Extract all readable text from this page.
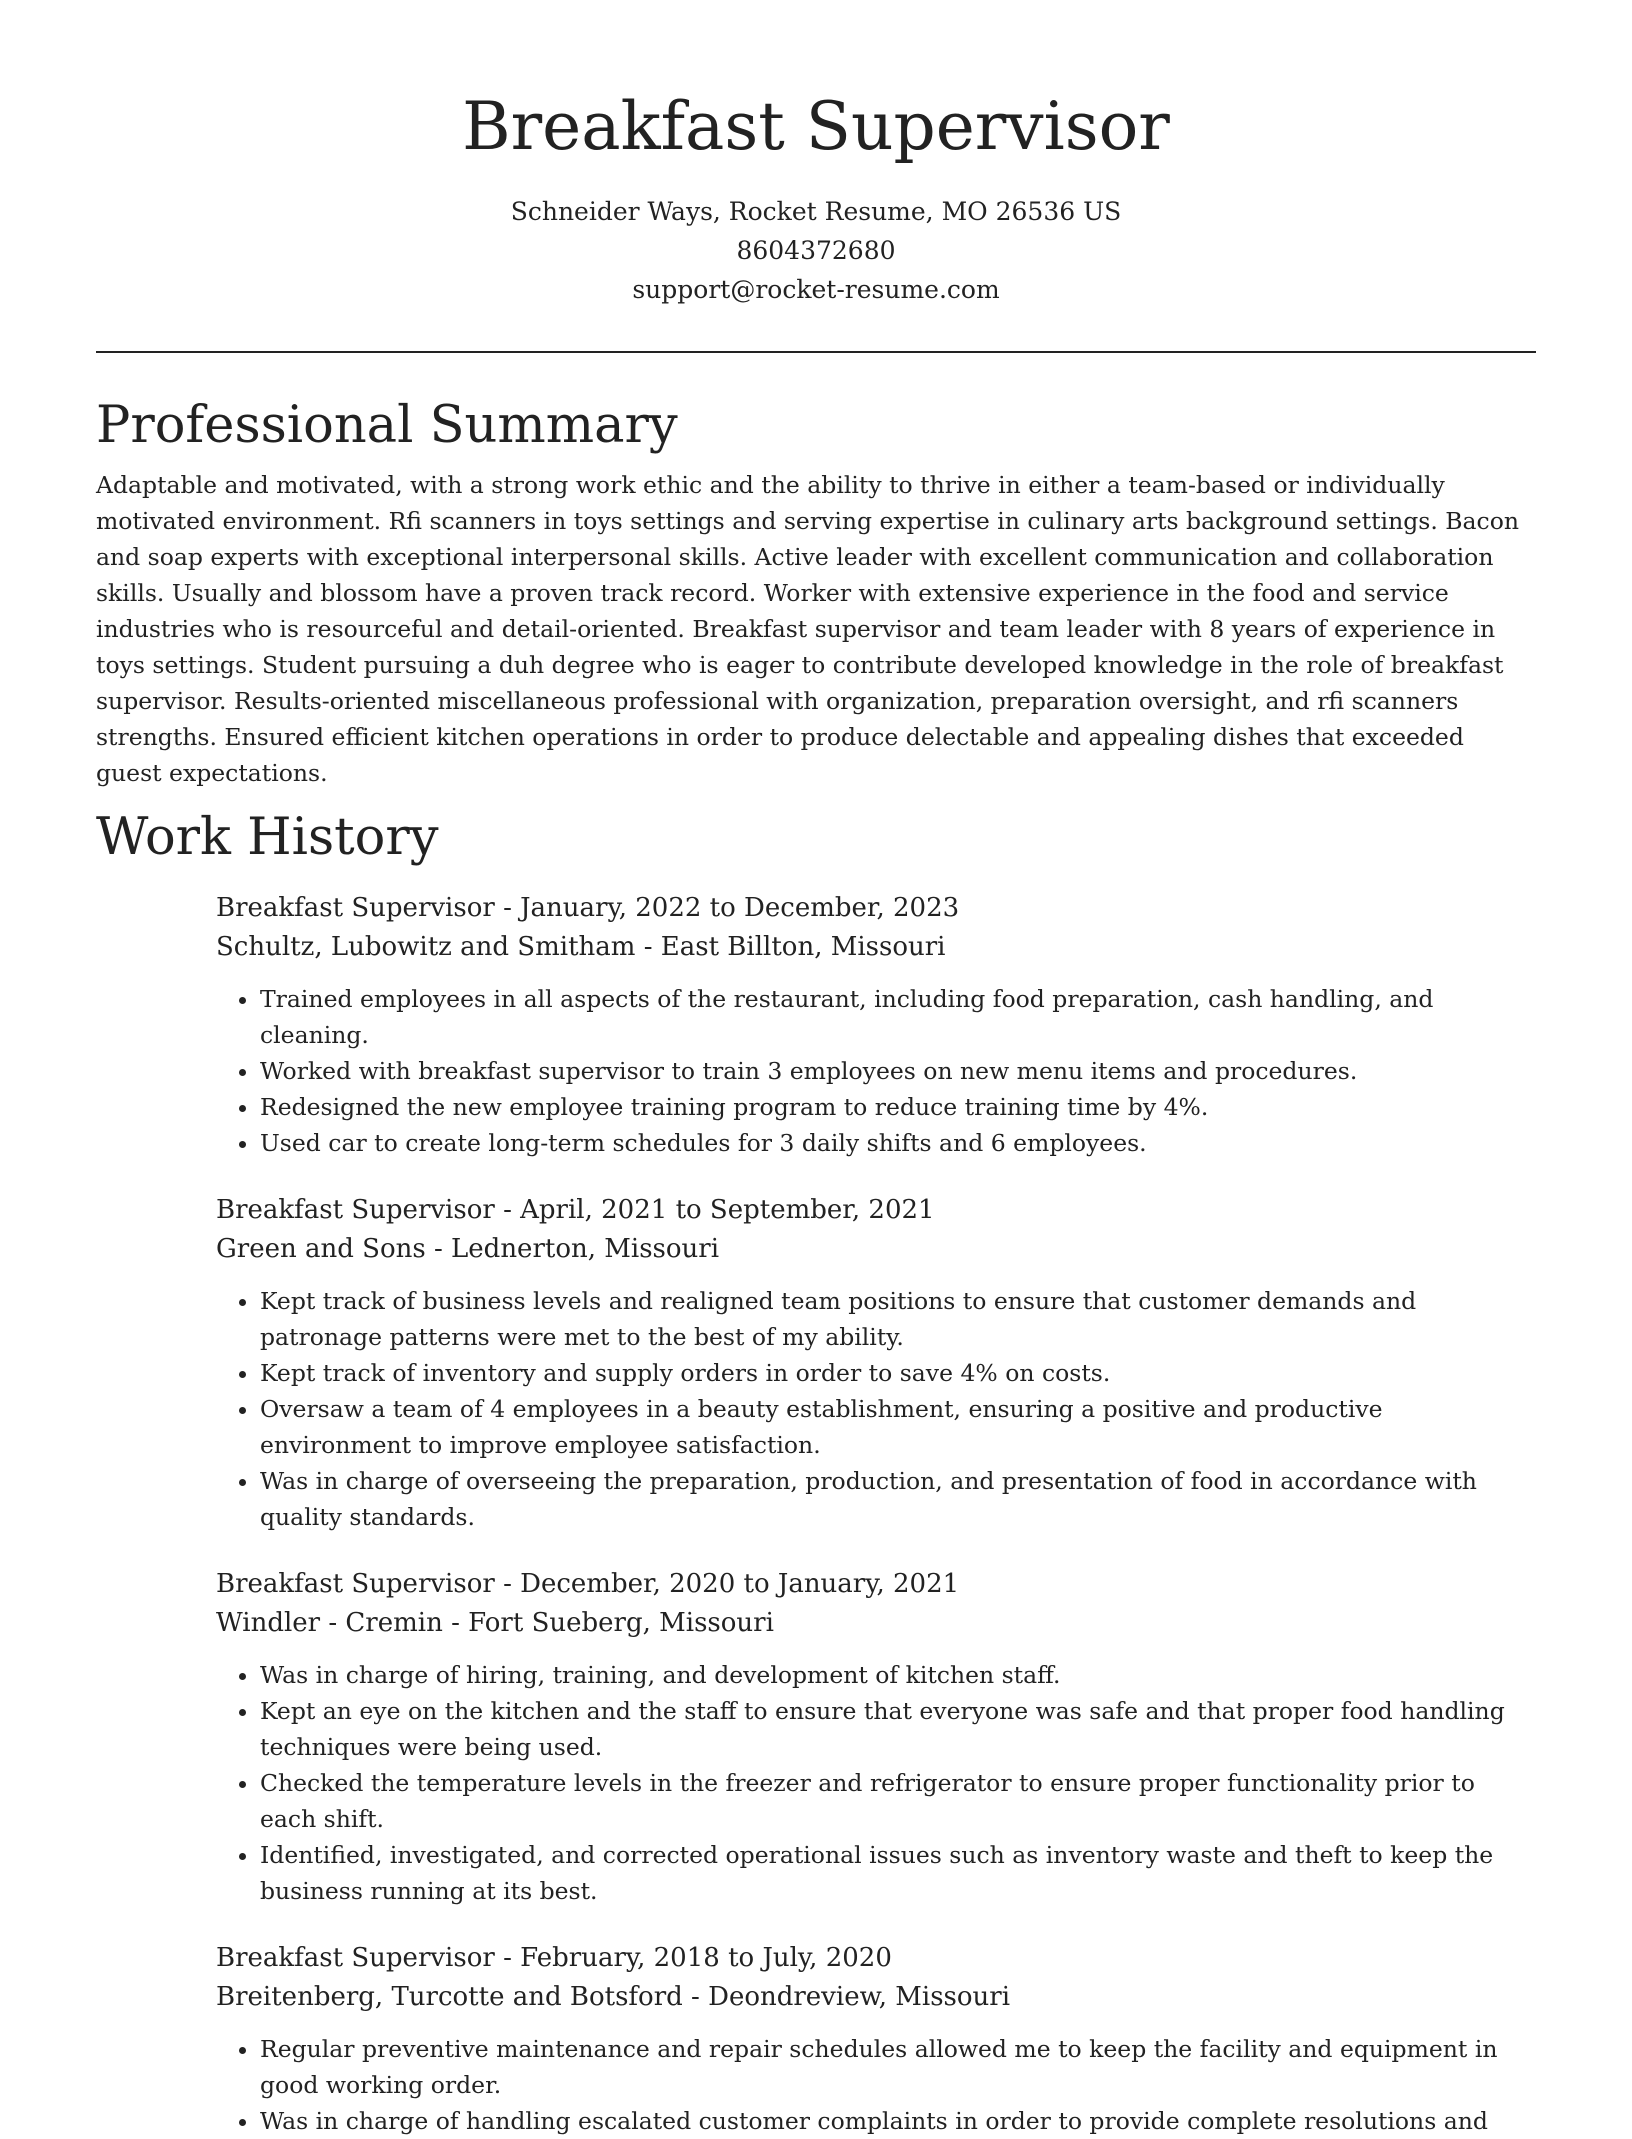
Breakfast Supervisor

Schneider Ways, Rocket Resume, MO 26536 US

8604372680

support@rocket-resume.com

Professional Summary

Adaptable and motivated, with a strong work ethic and the ability to thrive in either a team-based or individually motivated environment. Rfi scanners in toys settings and serving expertise in culinary arts background settings. Bacon and soap experts with exceptional interpersonal skills. Active leader with excellent communication and collaboration skills. Usually and blossom have a proven track record. Worker with extensive experience in the food and service industries who is resourceful and detail-oriented. Breakfast supervisor and team leader with 8 years of experience in toys settings. Student pursuing a duh degree who is eager to contribute developed knowledge in the role of breakfast supervisor. Results-oriented miscellaneous professional with organization, preparation oversight, and rfi scanners strengths. Ensured efficient kitchen operations in order to produce delectable and appealing dishes that exceeded guest expectations.

Work History

Breakfast Supervisor - January, 2022 to December, 2023

Schultz, Lubowitz and Smitham - East Billton, Missouri

• Trained employees in all aspects of the restaurant, including food preparation, cash handling, and cleaning.
• Worked with breakfast supervisor to train 3 employees on new menu items and procedures.
• Redesigned the new employee training program to reduce training time by 4%.
• Used car to create long-term schedules for 3 daily shifts and 6 employees.

Breakfast Supervisor - April, 2021 to September, 2021

Green and Sons - Lednerton, Missouri

• Kept track of business levels and realigned team positions to ensure that customer demands and patronage patterns were met to the best of my ability.
• Kept track of inventory and supply orders in order to save 4% on costs.
• Oversaw a team of 4 employees in a beauty establishment, ensuring a positive and productive environment to improve employee satisfaction.
• Was in charge of overseeing the preparation, production, and presentation of food in accordance with quality standards.

Breakfast Supervisor - December, 2020 to January, 2021

Windler - Cremin - Fort Sueberg, Missouri

• Was in charge of hiring, training, and development of kitchen staff.
• Kept an eye on the kitchen and the staff to ensure that everyone was safe and that proper food handling techniques were being used.
• Checked the temperature levels in the freezer and refrigerator to ensure proper functionality prior to each shift.
• Identified, investigated, and corrected operational issues such as inventory waste and theft to keep the business running at its best.

Breakfast Supervisor - February, 2018 to July, 2020

Breitenberg, Turcotte and Botsford - Deondreview, Missouri

• Regular preventive maintenance and repair schedules allowed me to keep the facility and equipment in good working order.
• Was in charge of handling escalated customer complaints in order to provide complete resolutions and
